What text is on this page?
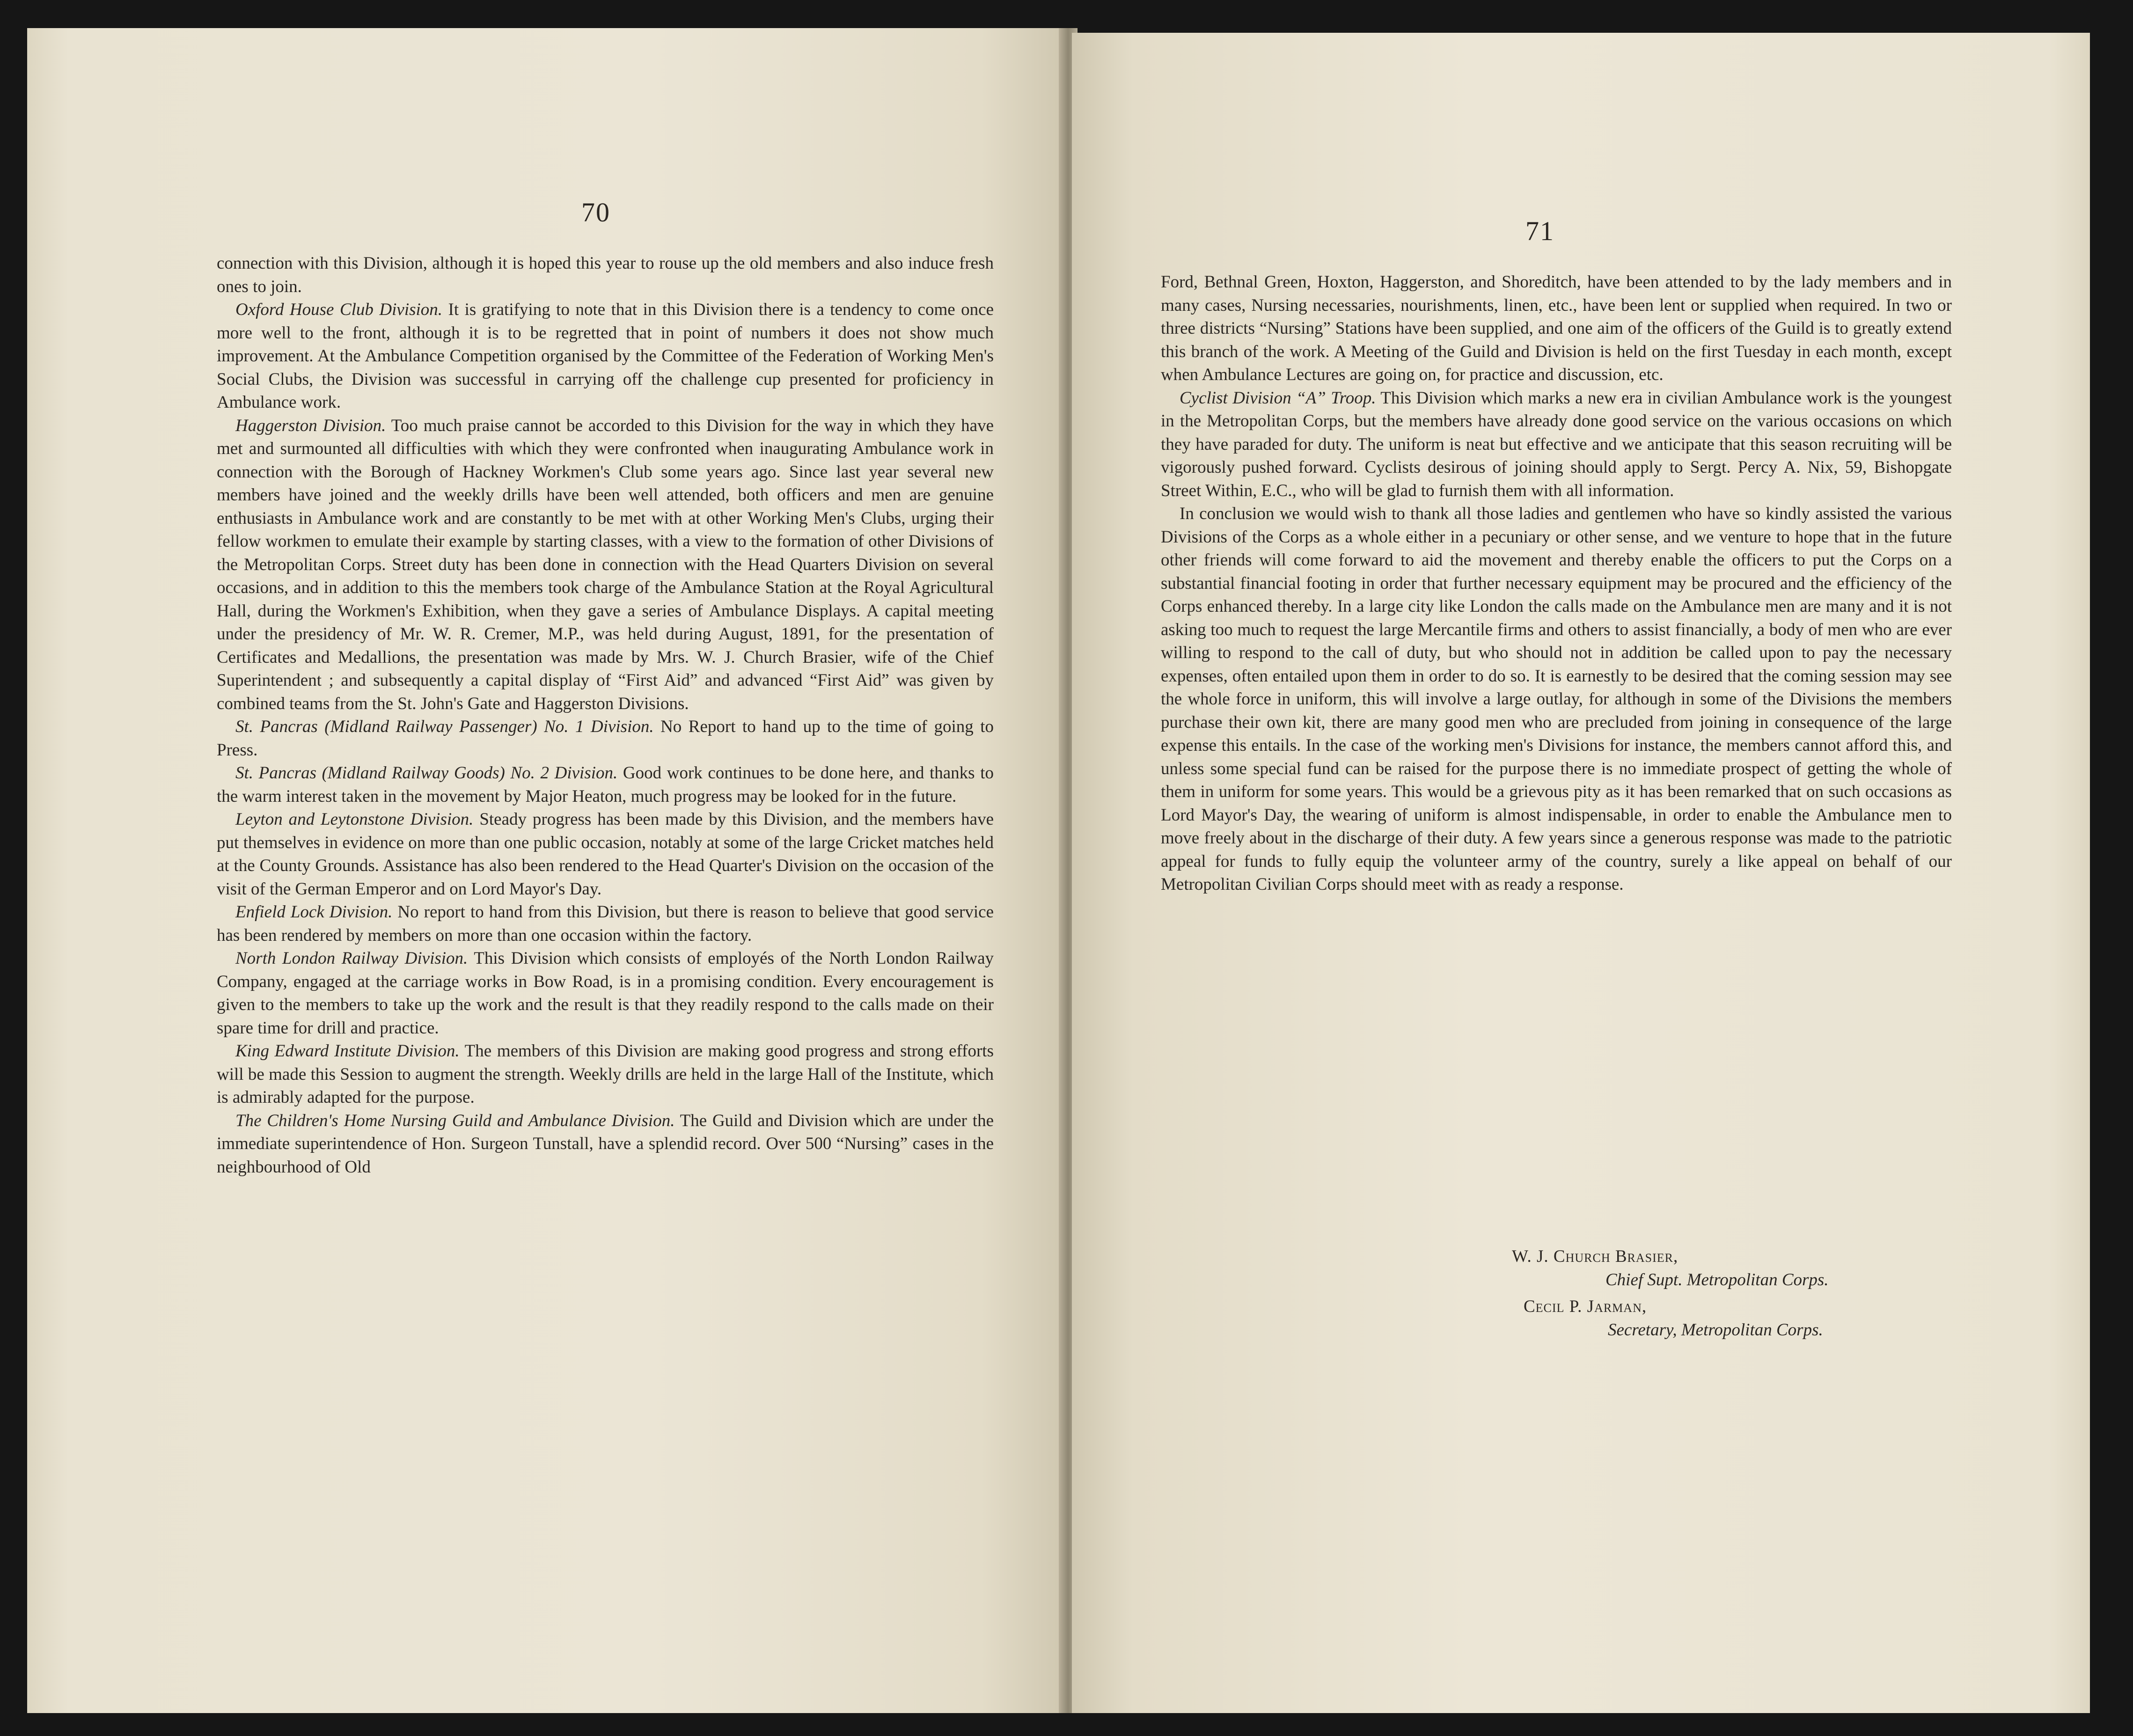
70

connection with this Division, although it is hoped this year to rouse up the old members and also induce fresh ones to join.

Oxford House Club Division. It is gratifying to note that in this Division there is a tendency to come once more well to the front, although it is to be regretted that in point of numbers it does not show much improvement. At the Ambulance Competition organised by the Committee of the Federation of Working Men's Social Clubs, the Division was successful in carrying off the challenge cup presented for proficiency in Ambulance work.

Haggerston Division. Too much praise cannot be accorded to this Division for the way in which they have met and surmounted all difficulties with which they were confronted when inaugurating Ambulance work in connection with the Borough of Hackney Workmen's Club some years ago. Since last year several new members have joined and the weekly drills have been well attended, both officers and men are genuine enthusiasts in Ambulance work and are constantly to be met with at other Working Men's Clubs, urging their fellow workmen to emulate their example by starting classes, with a view to the formation of other Divisions of the Metropolitan Corps. Street duty has been done in connection with the Head Quarters Division on several occasions, and in addition to this the members took charge of the Ambulance Station at the Royal Agricultural Hall, during the Workmen's Exhibition, when they gave a series of Ambulance Displays. A capital meeting under the presidency of Mr. W. R. Cremer, M.P., was held during August, 1891, for the presentation of Certificates and Medallions, the presentation was made by Mrs. W. J. Church Brasier, wife of the Chief Superintendent ; and subsequently a capital display of “First Aid” and advanced “First Aid” was given by combined teams from the St. John's Gate and Haggerston Divisions.

St. Pancras (Midland Railway Passenger) No. 1 Division. No Report to hand up to the time of going to Press.

St. Pancras (Midland Railway Goods) No. 2 Division. Good work continues to be done here, and thanks to the warm interest taken in the movement by Major Heaton, much progress may be looked for in the future.

Leyton and Leytonstone Division. Steady progress has been made by this Division, and the members have put themselves in evidence on more than one public occasion, notably at some of the large Cricket matches held at the County Grounds. Assistance has also been rendered to the Head Quarter's Division on the occasion of the visit of the German Emperor and on Lord Mayor's Day.

Enfield Lock Division. No report to hand from this Division, but there is reason to believe that good service has been rendered by members on more than one occasion within the factory.

North London Railway Division. This Division which consists of employés of the North London Railway Company, engaged at the carriage works in Bow Road, is in a promising condition. Every encouragement is given to the members to take up the work and the result is that they readily respond to the calls made on their spare time for drill and practice.

King Edward Institute Division. The members of this Division are making good progress and strong efforts will be made this Session to augment the strength. Weekly drills are held in the large Hall of the Institute, which is admirably adapted for the purpose.

The Children's Home Nursing Guild and Ambulance Division. The Guild and Division which are under the immediate superintendence of Hon. Surgeon Tunstall, have a splendid record. Over 500 “Nursing” cases in the neighbourhood of Old

71

Ford, Bethnal Green, Hoxton, Haggerston, and Shoreditch, have been attended to by the lady members and in many cases, Nursing necessaries, nourishments, linen, etc., have been lent or supplied when required. In two or three districts “Nursing” Stations have been supplied, and one aim of the officers of the Guild is to greatly extend this branch of the work. A Meeting of the Guild and Division is held on the first Tuesday in each month, except when Ambulance Lectures are going on, for practice and discussion, etc.

Cyclist Division “A” Troop. This Division which marks a new era in civilian Ambulance work is the youngest in the Metropolitan Corps, but the members have already done good service on the various occasions on which they have paraded for duty. The uniform is neat but effective and we anticipate that this season recruiting will be vigorously pushed forward. Cyclists desirous of joining should apply to Sergt. Percy A. Nix, 59, Bishopgate Street Within, E.C., who will be glad to furnish them with all information.

In conclusion we would wish to thank all those ladies and gentlemen who have so kindly assisted the various Divisions of the Corps as a whole either in a pecuniary or other sense, and we venture to hope that in the future other friends will come forward to aid the movement and thereby enable the officers to put the Corps on a substantial financial footing in order that further necessary equipment may be procured and the efficiency of the Corps enhanced thereby. In a large city like London the calls made on the Ambulance men are many and it is not asking too much to request the large Mercantile firms and others to assist financially, a body of men who are ever willing to respond to the call of duty, but who should not in addition be called upon to pay the necessary expenses, often entailed upon them in order to do so. It is earnestly to be desired that the coming session may see the whole force in uniform, this will involve a large outlay, for although in some of the Divisions the members purchase their own kit, there are many good men who are precluded from joining in consequence of the large expense this entails. In the case of the working men's Divisions for instance, the members cannot afford this, and unless some special fund can be raised for the purpose there is no immediate prospect of getting the whole of them in uniform for some years. This would be a grievous pity as it has been remarked that on such occasions as Lord Mayor's Day, the wearing of uniform is almost indispensable, in order to enable the Ambulance men to move freely about in the discharge of their duty. A few years since a generous response was made to the patriotic appeal for funds to fully equip the volunteer army of the country, surely a like appeal on behalf of our Metropolitan Civilian Corps should meet with as ready a response.

W. J. Church Brasier,
Chief Supt. Metropolitan Corps.
Cecil P. Jarman,
Secretary, Metropolitan Corps.
